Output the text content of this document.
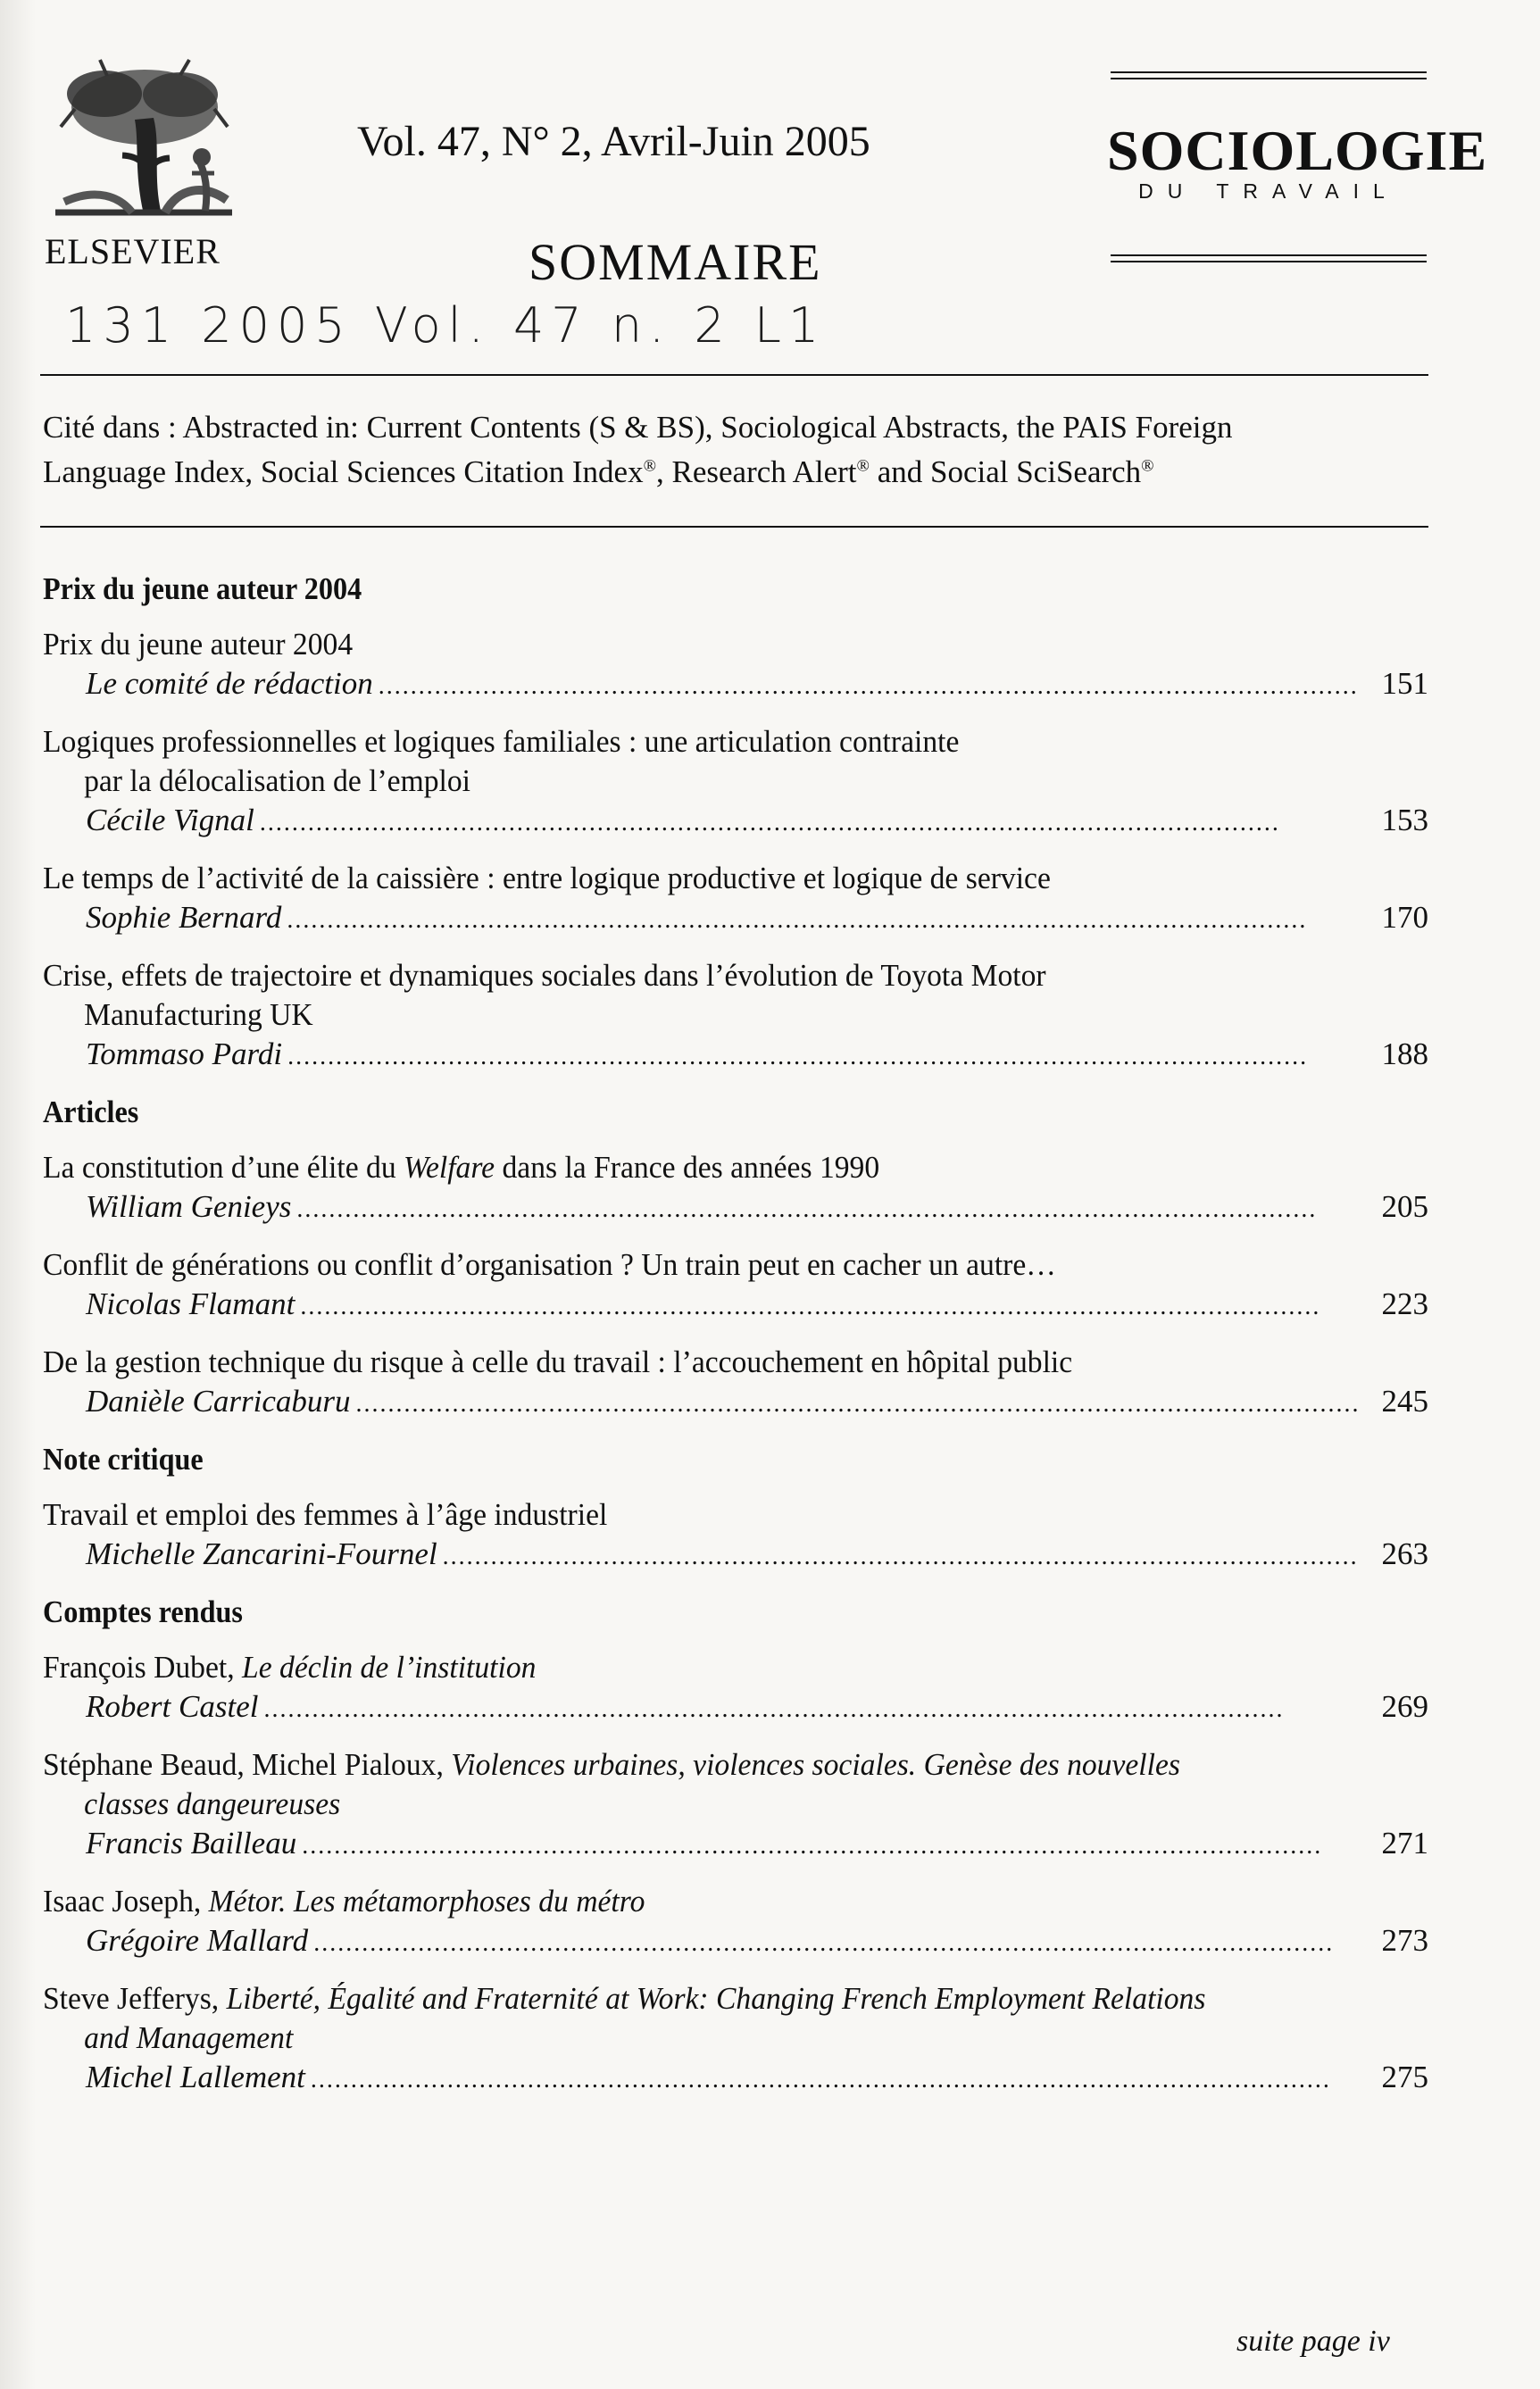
ELSEVIER
Vol. 47, N° 2, Avril-Juin 2005
SOMMAIRE
SOCIOLOGIE
DU TRAVAIL
131 2005 Vol. 47 n. 2 L1
Cité dans : Abstracted in: Current Contents (S & BS), Sociological Abstracts, the PAIS Foreign
Language Index, Social Sciences Citation Index®, Research Alert® and Social SciSearch®
Prix du jeune auteur 2004
Prix du jeune auteur 2004
Le comité de rédaction . . .	151
Logiques professionnelles et logiques familiales : une articulation contrainte
par la délocalisation de l’emploi
Cécile Vignal . . .	153
Le temps de l’activité de la caissière : entre logique productive et logique de service
Sophie Bernard . . .	170
Crise, effets de trajectoire et dynamiques sociales dans l’évolution de Toyota Motor
Manufacturing UK
Tommaso Pardi . . .	188
Articles
La constitution d’une élite du Welfare dans la France des années 1990
William Genieys . . .	205
Conflit de générations ou conflit d’organisation ? Un train peut en cacher un autre…
Nicolas Flamant . . .	223
De la gestion technique du risque à celle du travail : l’accouchement en hôpital public
Danièle Carricaburu . . .	245
Note critique
Travail et emploi des femmes à l’âge industriel
Michelle Zancarini-Fournel . . .	263
Comptes rendus
François Dubet, Le déclin de l’institution
Robert Castel . . .	269
Stéphane Beaud, Michel Pialoux, Violences urbaines, violences sociales. Genèse des nouvelles
classes dangeureuses
Francis Bailleau . . .	271
Isaac Joseph, Métor. Les métamorphoses du métro
Grégoire Mallard . . .	273
Steve Jefferys, Liberté, Égalité and Fraternité at Work: Changing French Employment Relations
and Management
Michel Lallement . . .	275
suite page iv
